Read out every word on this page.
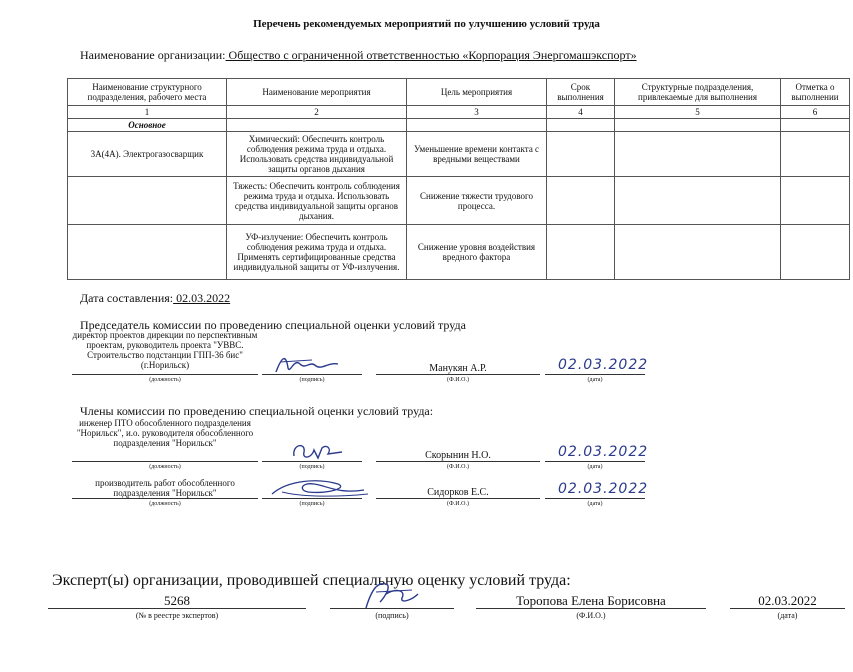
Перечень рекомендуемых мероприятий по улучшению условий труда
Наименование организации: Общество с ограниченной ответственностью «Корпорация Энергомашэкспорт»
Наименование структурного подразделения, рабочего места	Наименование мероприятия	Цель мероприятия	Срок выполнения	Структурные подразделения, привлекаемые для выполнения	Отметка о выполнении
1	2	3	4	5	6
Основное					
3А(4А). Электрогазосварщик	Химический: Обеспечить контроль соблюдения режима труда и отдыха. Использовать средства индивидуальной защиты органов дыхания	Уменьшение времени контакта с вредными веществами			
	Тяжесть: Обеспечить контроль соблюдения режима труда и отдыха. Использовать средства индивидуальной защиты органов дыхания.	Снижение тяжести трудового процесса.			
	УФ-излучение: Обеспечить контроль соблюдения режима труда и отдыха. Применять сертифицированные средства индивидуальной защиты от УФ-излучения.	Снижение уровня воздействия вредного фактора			
Дата составления: 02.03.2022
Председатель комиссии по проведению специальной оценки условий труда
директор проектов дирекции по перспективным проектам, руководитель проекта "УВВС. Строительство подстанции ГПП-36 бис" (г.Норильск)
(должность)	(подпись)
Манукян А.Р.
(Ф.И.О.)
02.03.2022
(дата)
Члены комиссии по проведению специальной оценки условий труда:
инженер ПТО обособленного подразделения "Норильск", и.о. руководителя обособленного подразделения "Норильск"
(должность)	(подпись)
Скорынин Н.О.
(Ф.И.О.)
02.03.2022
(дата)
производитель работ обособленного подразделения "Норильск"
(должность)	(подпись)
Сидорков Е.С.
(Ф.И.О.)
02.03.2022
(дата)
Эксперт(ы) организации, проводившей специальную оценку условий труда:
5268
(№ в реестре экспертов)	(подпись)
Торопова Елена Борисовна
(Ф.И.О.)
02.03.2022
(дата)
